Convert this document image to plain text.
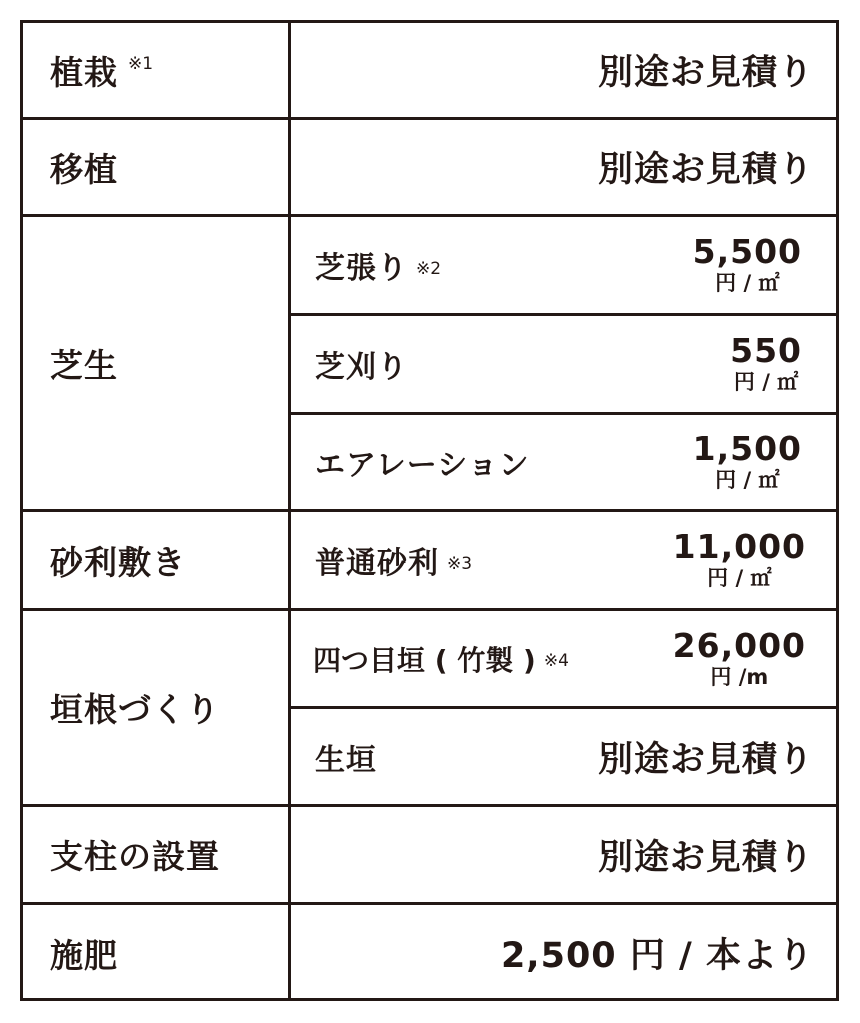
植栽 ※1	別途お見積り
移植	別途お見積り
芝生
芝張り ※2	5,500
円 / ㎡
芝刈り	550
円 / ㎡
エアレーション	1,500
円 / ㎡
砂利敷き	普通砂利 ※3	11,000
円 / ㎡
垣根づくり
四つ目垣 ( 竹製 ) ※4	26,000
円 /m
生垣	別途お見積り
支柱の設置	別途お見積り
施肥	2,500 円 / 本より
